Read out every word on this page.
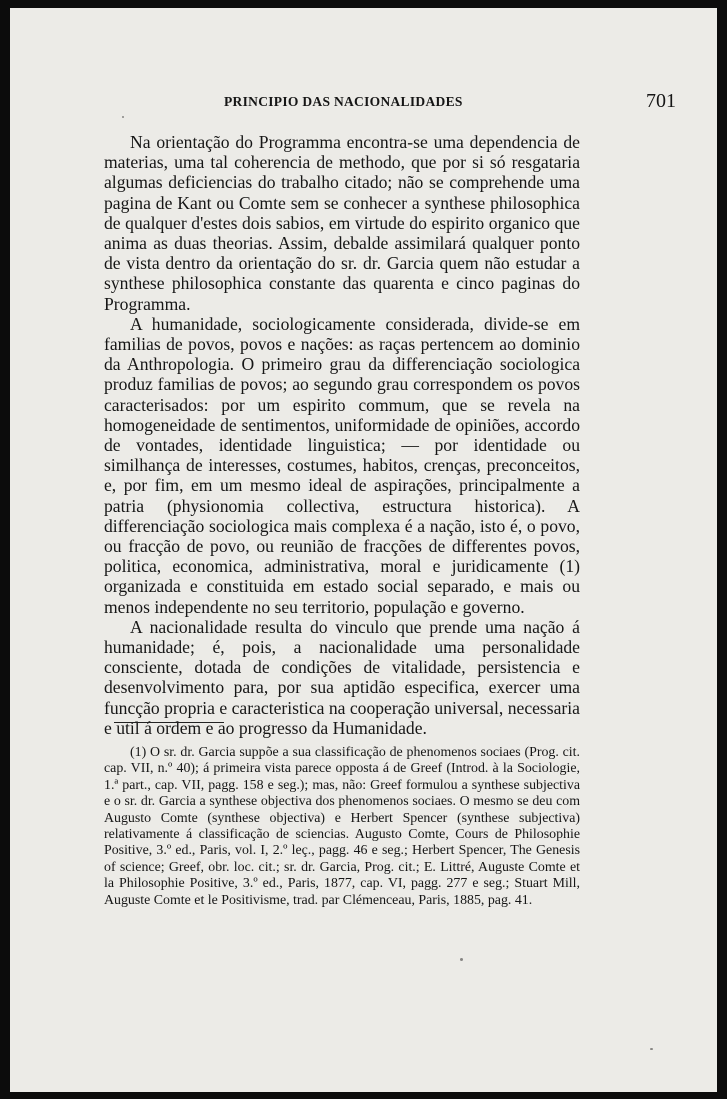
PRINCIPIO DAS NACIONALIDADES	701

Na orientação do Programma encontra-se uma dependencia de materias, uma tal coherencia de methodo, que por si só resgataria algumas deficiencias do trabalho citado; não se comprehende uma pagina de Kant ou Comte sem se conhecer a synthese philosophica de qualquer d'estes dois sabios, em virtude do espirito organico que anima as duas theorias. Assim, debalde assimilará qualquer ponto de vista dentro da orientação do sr. dr. Garcia quem não estudar a synthese philosophica constante das quarenta e cinco paginas do Programma.

A humanidade, sociologicamente considerada, divide-se em familias de povos, povos e nações: as raças pertencem ao dominio da Anthropologia. O primeiro grau da differenciação sociologica produz familias de povos; ao segundo grau correspondem os povos caracterisados: por um espirito commum, que se revela na homogeneidade de sentimentos, uniformidade de opiniões, accordo de vontades, identidade linguistica; — por identidade ou similhança de interesses, costumes, habitos, crenças, preconceitos, e, por fim, em um mesmo ideal de aspirações, principalmente a patria (physionomia collectiva, estructura historica). A differenciação sociologica mais complexa é a nação, isto é, o povo, ou fracção de povo, ou reunião de fracções de differentes povos, politica, economica, administrativa, moral e juridicamente (1) organizada e constituida em estado social separado, e mais ou menos independente no seu territorio, população e governo.

A nacionalidade resulta do vinculo que prende uma nação á humanidade; é, pois, a nacionalidade uma personalidade consciente, dotada de condições de vitalidade, persistencia e desenvolvimento para, por sua aptidão especifica, exercer uma funcção propria e caracteristica na cooperação universal, necessaria e util á ordem e ao progresso da Humanidade.

(1) O sr. dr. Garcia suppõe a sua classificação de phenomenos sociaes (Prog. cit. cap. VII, n.º 40); á primeira vista parece opposta á de Greef (Introd. à la Sociologie, 1.ª part., cap. VII, pagg. 158 e seg.); mas, não: Greef formulou a synthese subjectiva e o sr. dr. Garcia a synthese objectiva dos phenomenos sociaes. O mesmo se deu com Augusto Comte (synthese objectiva) e Herbert Spencer (synthese subjectiva) relativamente á classificação de sciencias. Augusto Comte, Cours de Philosophie Positive, 3.º ed., Paris, vol. I, 2.º leç., pagg. 46 e seg.; Herbert Spencer, The Genesis of science; Greef, obr. loc. cit.; sr. dr. Garcia, Prog. cit.; E. Littré, Auguste Comte et la Philosophie Positive, 3.º ed., Paris, 1877, cap. VI, pagg. 277 e seg.; Stuart Mill, Auguste Comte et le Positivisme, trad. par Clémenceau, Paris, 1885, pag. 41.
